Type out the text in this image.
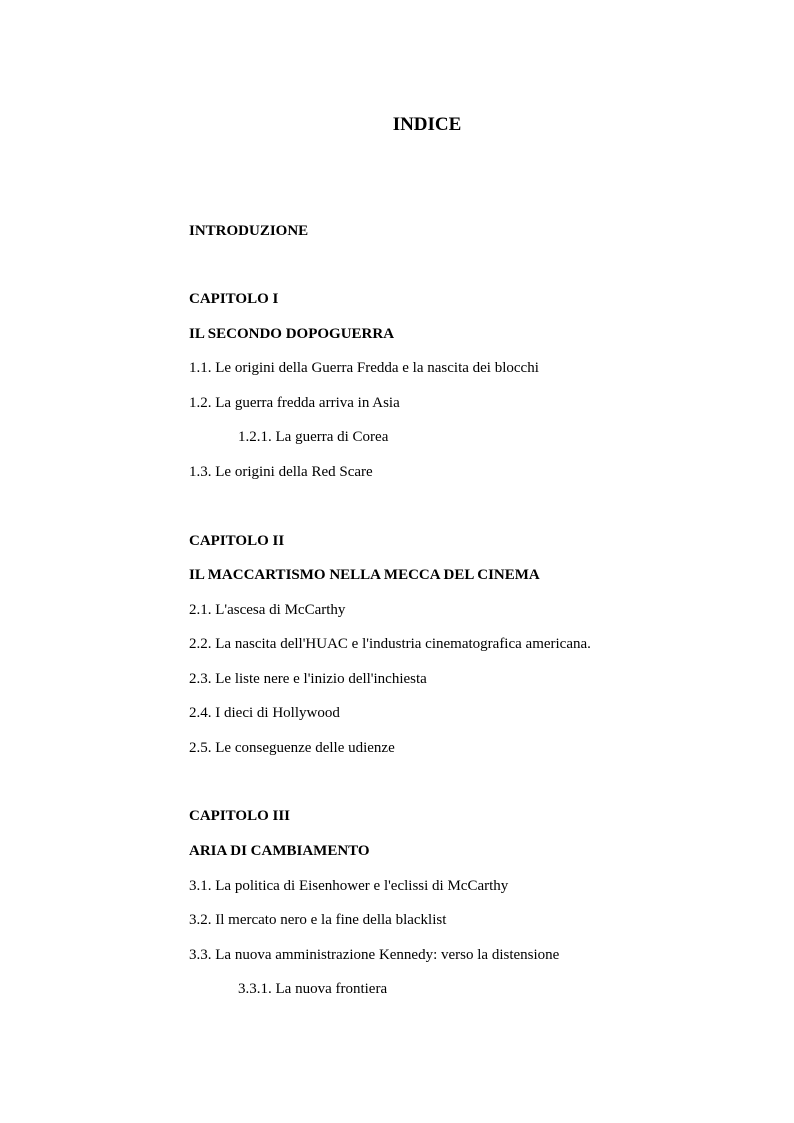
INDICE
INTRODUZIONE
CAPITOLO I
IL SECONDO DOPOGUERRA
1.1. Le origini della Guerra Fredda e la nascita dei blocchi
1.2. La guerra fredda arriva in Asia
1.2.1. La guerra di Corea
1.3. Le origini della Red Scare
CAPITOLO II
IL MACCARTISMO NELLA MECCA DEL CINEMA
2.1. L'ascesa di McCarthy
2.2. La nascita dell'HUAC e l'industria cinematografica americana.
2.3. Le liste nere e l'inizio dell'inchiesta
2.4. I dieci di Hollywood
2.5. Le conseguenze delle udienze
CAPITOLO III
ARIA DI CAMBIAMENTO
3.1. La politica di Eisenhower e l'eclissi di McCarthy
3.2. Il mercato nero e la fine della blacklist
3.3. La nuova amministrazione Kennedy: verso la distensione
3.3.1. La nuova frontiera
